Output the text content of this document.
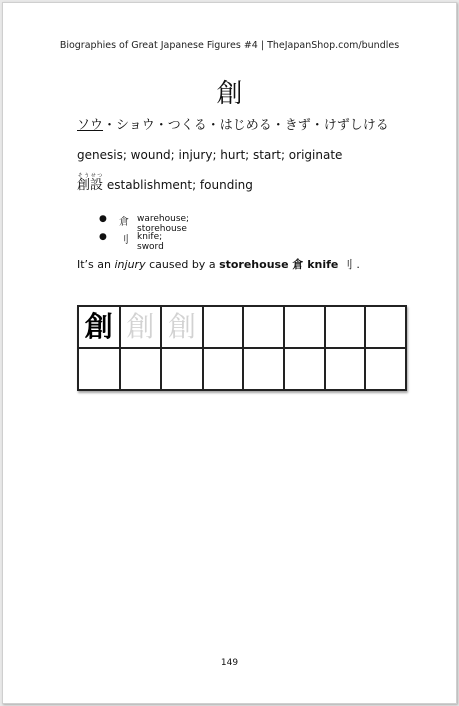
Biographies of Great Japanese Figures #4 | TheJapanShop.com/bundles
創
ソウ・ショウ・つくる・はじめる・きず・けずしける
genesis; wound; injury; hurt; start; originate
創そう設せつ establishment; founding
● 倉 warehouse; storehouse
● 刂 knife; sword
It’s an injury caused by a storehouse 倉 knife 刂 .
創	創	創					

149
